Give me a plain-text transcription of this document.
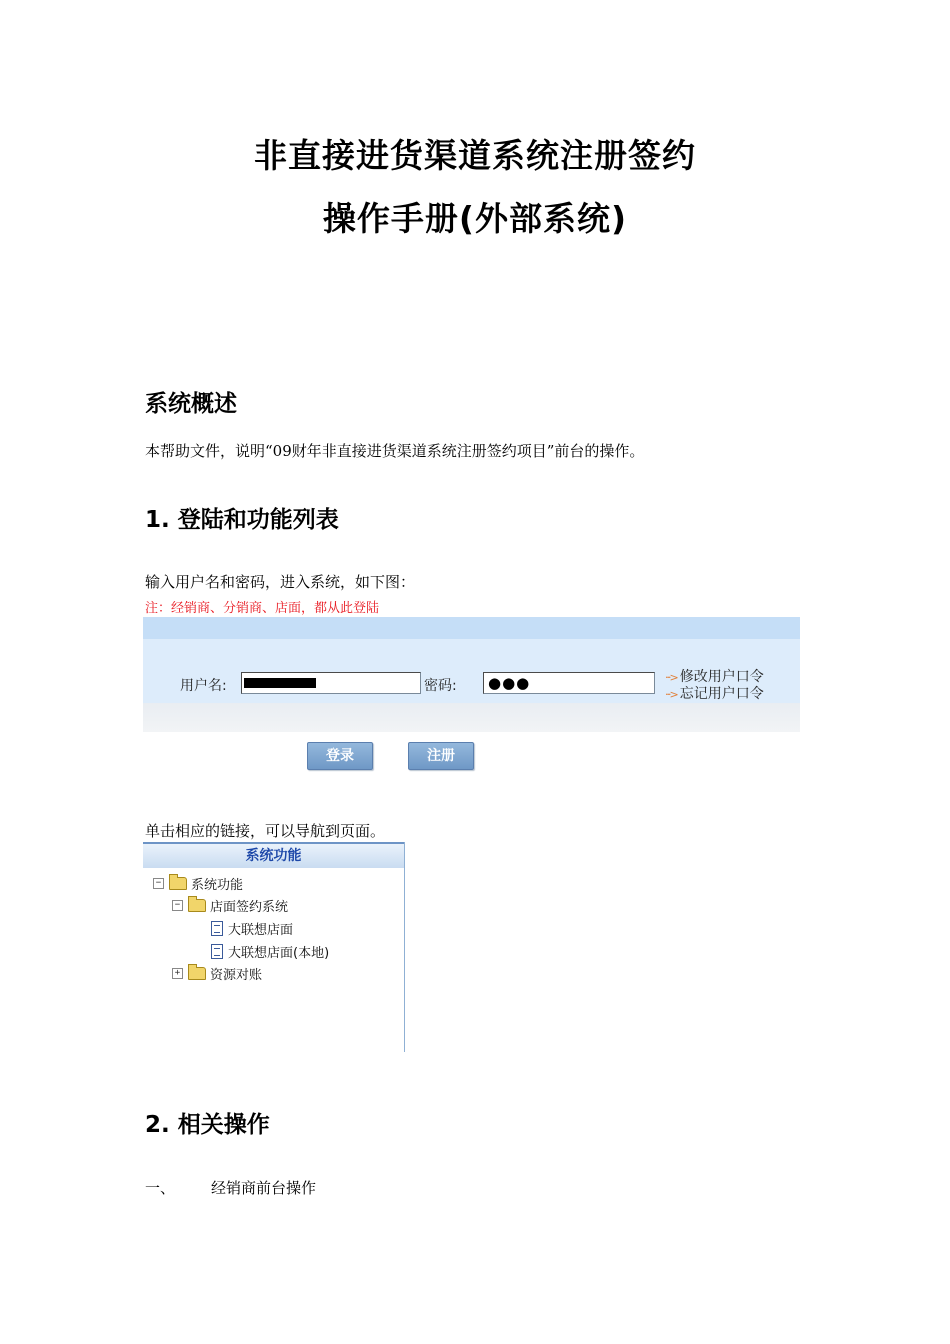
非直接进货渠道系统注册签约
操作手册(外部系统)
系统概述

本帮助文件，说明“09财年非直接进货渠道系统注册签约项目”前台的操作。

1. 登陆和功能列表

输入用户名和密码，进入系统，如下图：

注：经销商、分销商、店面，都从此登陆

用户名:	密码: ●●●	···> 修改用户口令
···> 忘记用户口令
登录	注册

单击相应的链接，可以导航到页面。

系统功能
− 系统功能
− 店面签约系统
大联想店面
大联想店面(本地)
+ 资源对账
2. 相关操作

一、 经销商前台操作
